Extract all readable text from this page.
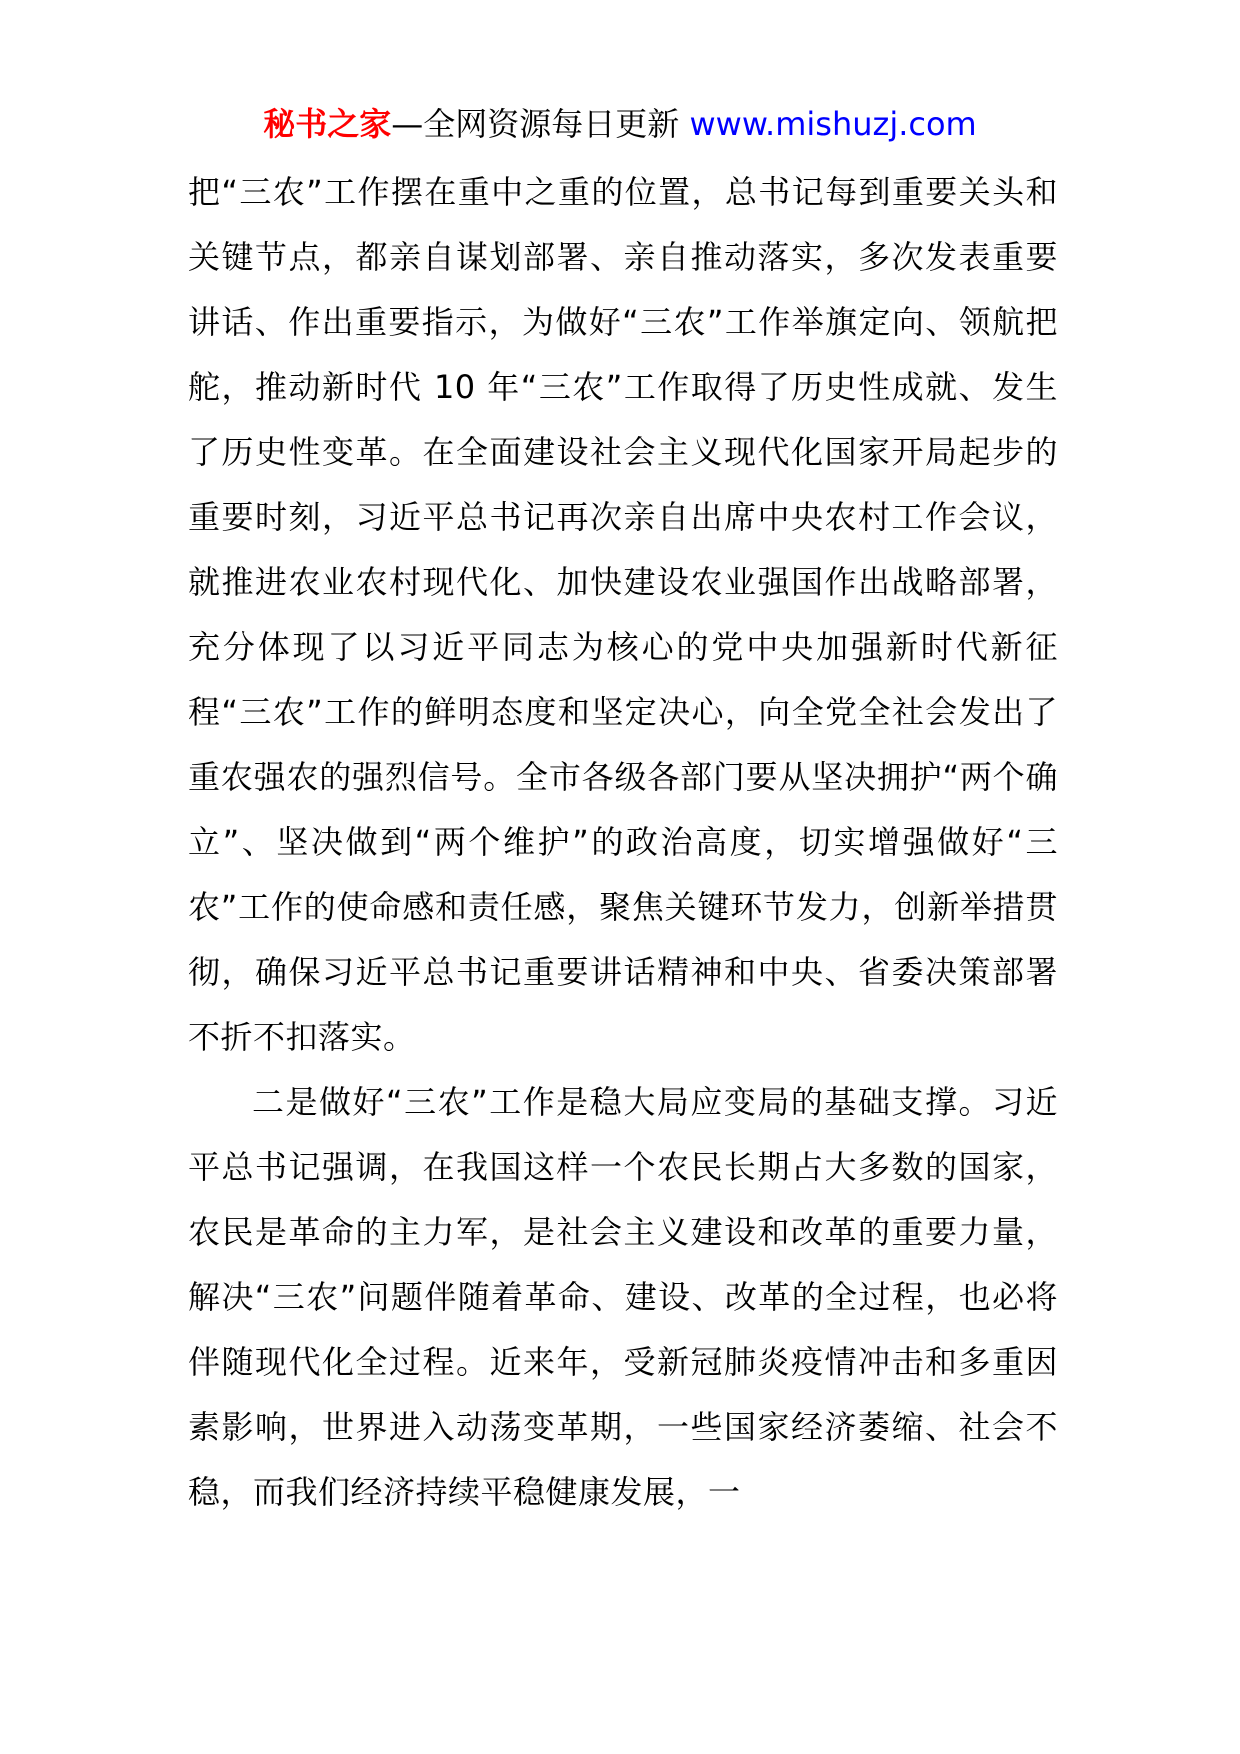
秘书之家—全网资源每日更新 www.mishuzj.com

把“三农”工作摆在重中之重的位置，总书记每到重要关头和关键节点，都亲自谋划部署、亲自推动落实，多次发表重要讲话、作出重要指示，为做好“三农”工作举旗定向、领航把舵，推动新时代 10 年“三农”工作取得了历史性成就、发生了历史性变革。在全面建设社会主义现代化国家开局起步的重要时刻，习近平总书记再次亲自出席中央农村工作会议，就推进农业农村现代化、加快建设农业强国作出战略部署，充分体现了以习近平同志为核心的党中央加强新时代新征程“三农”工作的鲜明态度和坚定决心，向全党全社会发出了重农强农的强烈信号。全市各级各部门要从坚决拥护“两个确立”、坚决做到“两个维护”的政治高度，切实增强做好“三农”工作的使命感和责任感，聚焦关键环节发力，创新举措贯彻，确保习近平总书记重要讲话精神和中央、省委决策部署不折不扣落实。

二是做好“三农”工作是稳大局应变局的基础支撑。习近平总书记强调，在我国这样一个农民长期占大多数的国家，农民是革命的主力军，是社会主义建设和改革的重要力量，解决“三农”问题伴随着革命、建设、改革的全过程，也必将伴随现代化全过程。近来年，受新冠肺炎疫情冲击和多重因素影响，世界进入动荡变革期，一些国家经济萎缩、社会不稳，而我们经济持续平稳健康发展，一
